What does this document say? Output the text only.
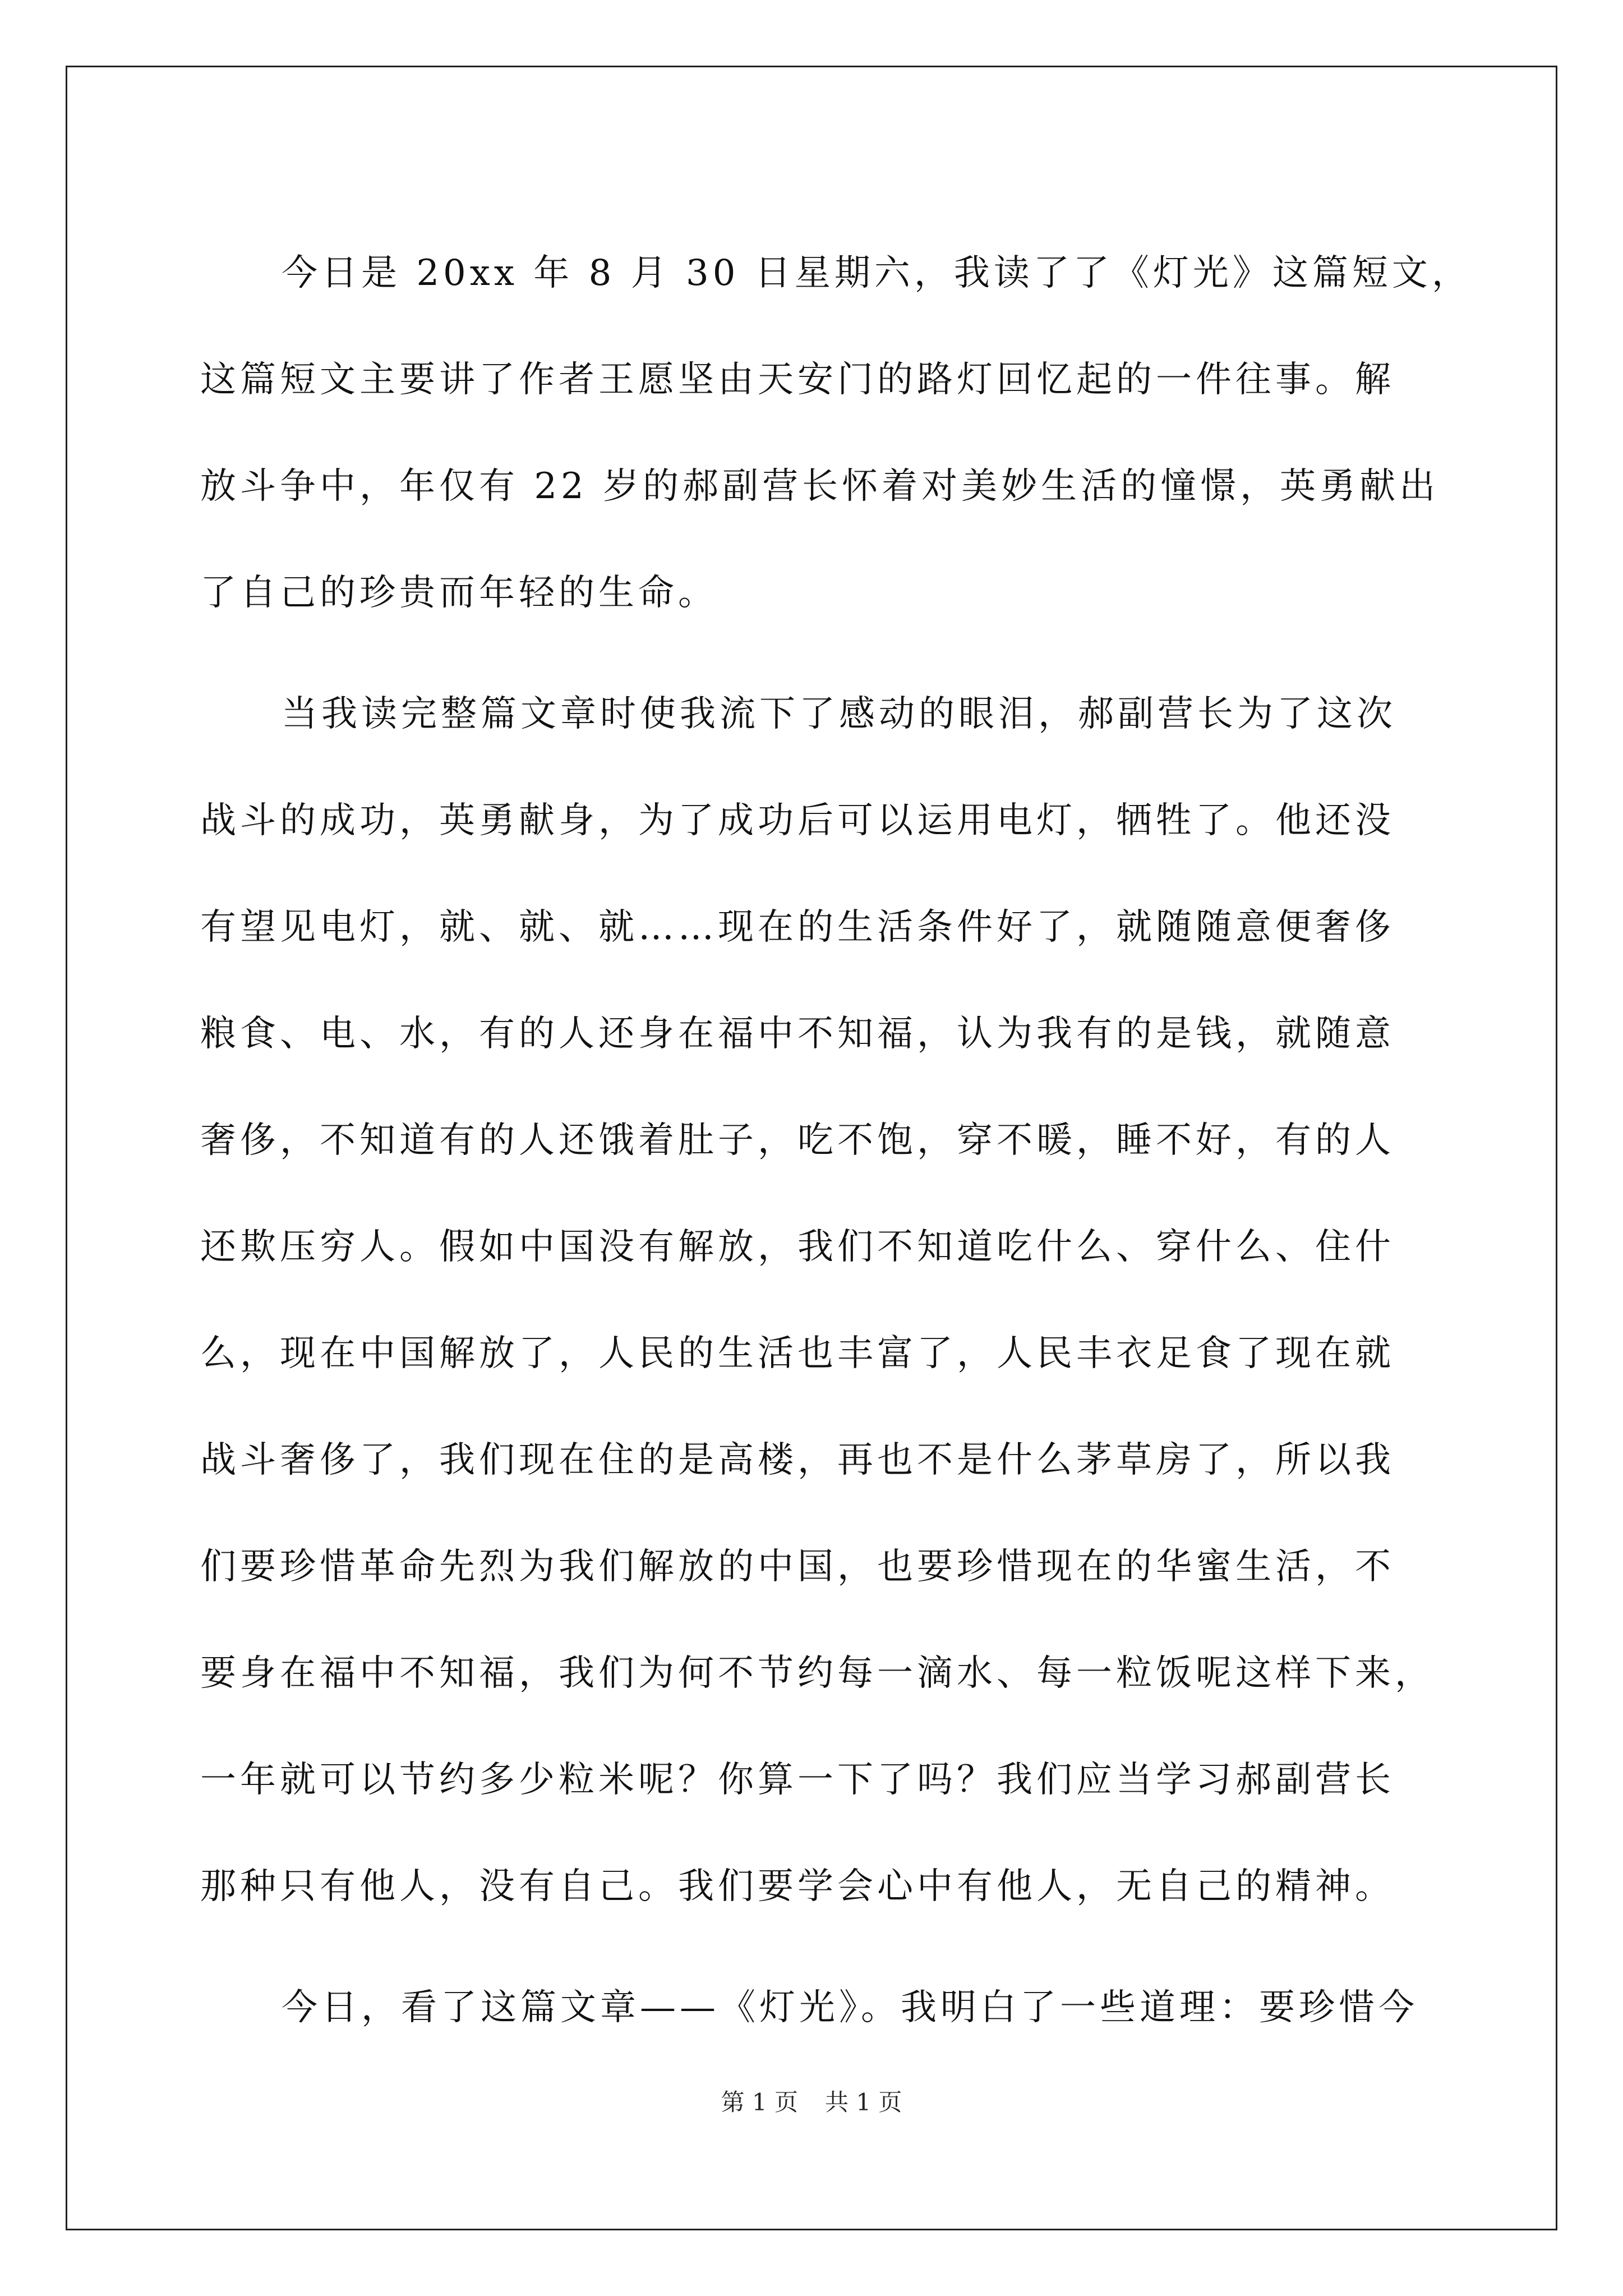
今日是 20xx 年 8 月 30 日星期六，我读了了《灯光》这篇短文，
这篇短文主要讲了作者王愿坚由天安门的路灯回忆起的一件往事。解
放斗争中，年仅有 22 岁的郝副营长怀着对美妙生活的憧憬，英勇献出
了自己的珍贵而年轻的生命。
当我读完整篇文章时使我流下了感动的眼泪，郝副营长为了这次
战斗的成功，英勇献身，为了成功后可以运用电灯，牺牲了。他还没
有望见电灯，就、就、就……现在的生活条件好了，就随随意便奢侈
粮食、电、水，有的人还身在福中不知福，认为我有的是钱，就随意
奢侈，不知道有的人还饿着肚子，吃不饱，穿不暖，睡不好，有的人
还欺压穷人。假如中国没有解放，我们不知道吃什么、穿什么、住什
么，现在中国解放了，人民的生活也丰富了，人民丰衣足食了现在就
战斗奢侈了，我们现在住的是高楼，再也不是什么茅草房了，所以我
们要珍惜革命先烈为我们解放的中国，也要珍惜现在的华蜜生活，不
要身在福中不知福，我们为何不节约每一滴水、每一粒饭呢这样下来，
一年就可以节约多少粒米呢？你算一下了吗？我们应当学习郝副营长
那种只有他人，没有自己。我们要学会心中有他人，无自己的精神。
今日，看了这篇文章——《灯光》。我明白了一些道理：要珍惜今
第 1 页 共 1 页
